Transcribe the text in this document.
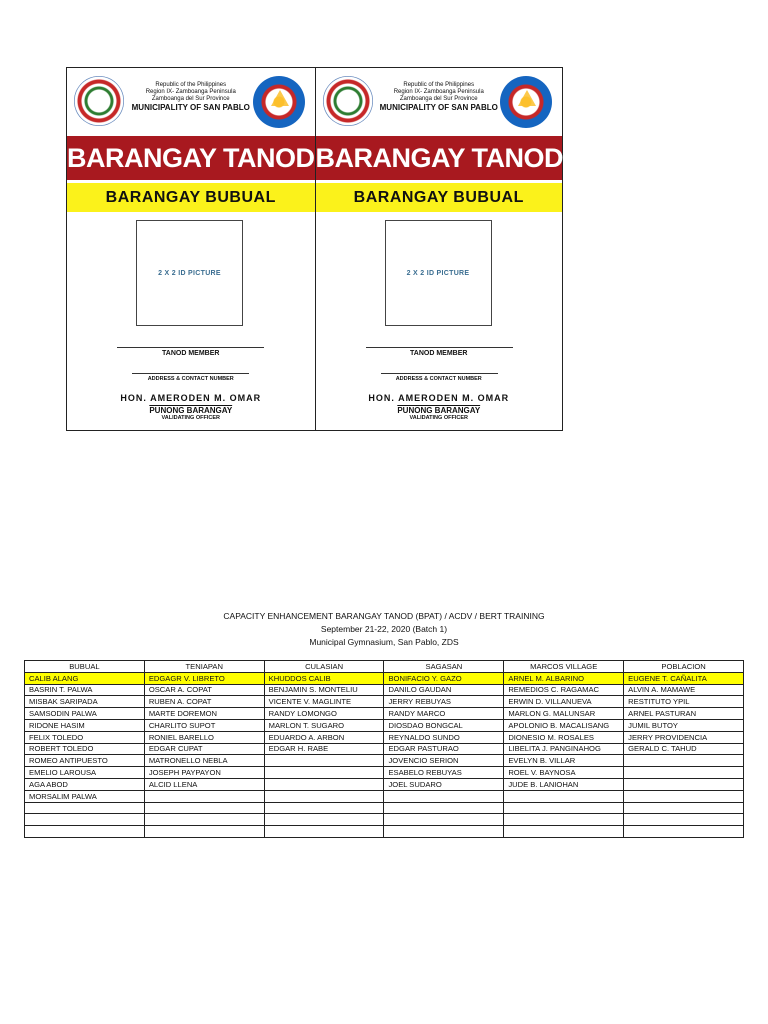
Republic of the Philippines
Region IX- Zamboanga Peninsula
Zamboanga del Sur Province
MUNICIPALITY OF SAN PABLO
BARANGAY TANOD
BARANGAY BUBUAL
2 X 2 ID PICTURE
TANOD MEMBER
ADDRESS & CONTACT NUMBER
HON. AMERODEN M. OMAR
PUNONG BARANGAY
VALIDATING OFFICER
Republic of the Philippines
Region IX- Zamboanga Peninsula
Zamboanga del Sur Province
MUNICIPALITY OF SAN PABLO
BARANGAY TANOD
BARANGAY BUBUAL
2 X 2 ID PICTURE
TANOD MEMBER
ADDRESS & CONTACT NUMBER
HON. AMERODEN M. OMAR
PUNONG BARANGAY
VALIDATING OFFICER
CAPACITY ENHANCEMENT BARANGAY TANOD (BPAT) / ACDV / BERT TRAINING
September 21-22, 2020 (Batch 1)
Municipal Gymnasium, San Pablo, ZDS
BUBUAL	TENIAPAN	CULASIAN	SAGASAN	MARCOS VILLAGE	POBLACION
CALIB ALANG	EDGAGR V. LIBRETO	KHUDDOS CALIB	BONIFACIO Y. GAZO	ARNEL M. ALBARINO	EUGENE T. CAÑALITA
BASRIN T. PALWA	OSCAR A. COPAT	BENJAMIN S. MONTELIU	DANILO GAUDAN	REMEDIOS C. RAGAMAC	ALVIN A. MAMAWE
MISBAK SARIPADA	RUBEN A. COPAT	VICENTE V. MAGLINTE	JERRY REBUYAS	ERWIN D. VILLANUEVA	RESTITUTO YPIL
SAMSODIN PALWA	MARTE DOREMON	RANDY LOMONGO	RANDY MARCO	MARLON G. MALUNSAR	ARNEL PASTURAN
RIDONE HASIM	CHARLITO SUPOT	MARLON T. SUGARO	DIOSDAO BONGCAL	APOLONIO B. MACALISANG	JUMIL BUTOY
FELIX TOLEDO	RONIEL BARELLO	EDUARDO A. ARBON	REYNALDO SUNDO	DIONESIO M. ROSALES	JERRY PROVIDENCIA
ROBERT TOLEDO	EDGAR CUPAT	EDGAR H. RABE	EDGAR PASTURAO	LIBELITA J. PANGINAHOG	GERALD C. TAHUD
ROMEO ANTIPUESTO	MATRONELLO NEBLA		JOVENCIO SERION	EVELYN B. VILLAR	
EMELIO LAROUSA	JOSEPH PAYPAYON		ESABELO REBUYAS	ROEL V. BAYNOSA	
AGA ABOD	ALCID LLENA		JOEL SUDARO	JUDE B. LANIOHAN	
MORSALIM PALWA					
